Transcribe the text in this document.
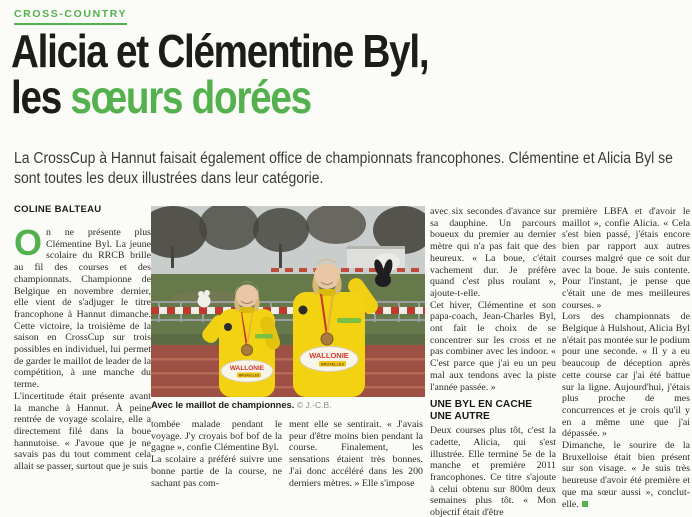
CROSS-COUNTRY
Alicia et Clémentine Byl,
les sœurs dorées

La CrossCup à Hannut faisait également office de championnats francophones. Clémentine et Alicia Byl se sont toutes les deux illustrées dans leur catégorie.

COLINE BALTEAU

On ne présente plus Clémentine Byl. La jeune scolaire du RRCB brille au fil des courses et des championnats. Championne de Belgique en novembre dernier, elle vient de s'adjuger le titre francophone à Hannut dimanche. Cette victoire, la troisième de la saison en CrossCup sur trois possibles en individuel, lui permet de garder le maillot de leader de la compétition, à une manche du terme.

L'incertitude était présente avant la manche à Hannut. À peine rentrée de voyage scolaire, elle a directement filé dans la boue hannutoise. « J'avoue que je ne savais pas du tout comment cela allait se passer, surtout que je suis

WALLONIE
BRUXELLES
WALLONIE
BRUXELLES
Avec le maillot de championnes. © J.-C.B.

tombée malade pendant le voyage. J'y croyais bof bof de la gagne », confie Clémentine Byl.

La scolaire a préféré suivre une bonne partie de la course, ne sachant pas com-

ment elle se sentirait. « J'avais peur d'être moins bien pendant la course. Finalement, les sensations étaient très bonnes. J'ai donc accéléré dans les 200 derniers mètres. » Elle s'impose

avec six secondes d'avance sur sa dauphine. Un parcours boueux du premier au dernier mètre qui n'a pas fait que des heureux. « La boue, c'était vachement dur. Je préfère quand c'est plus roulant », ajoute-t-elle.

Cet hiver, Clémentine et son papa-coach, Jean-Charles Byl, ont fait le choix de se concentrer sur les cross et ne pas combiner avec les indoor. « C'est parce que j'ai eu un peu mal aux tendons avec la piste l'année passée. »

UNE BYL EN CACHE UNE AUTRE

Deux courses plus tôt, c'est la cadette, Alicia, qui s'est illustrée. Elle termine 5e de la manche et première 2011 francophones. Ce titre s'ajoute à celui obtenu sur 800m deux semaines plus tôt. « Mon objectif était d'être

première LBFA et d'avoir le maillot », confie Alicia. « Cela s'est bien passé, j'étais encore bien par rapport aux autres courses malgré que ce soit dur avec la boue. Je suis contente. Pour l'instant, je pense que c'était une de mes meilleures courses. »

Lors des championnats de Belgique à Hulshout, Alicia Byl n'était pas montée sur le podium pour une seconde. « Il y a eu beaucoup de déception après cette course car j'ai été battue sur la ligne. Aujourd'hui, j'étais plus proche de mes concurrences et je crois qu'il y en a même une que j'ai dépassée. »

Dimanche, le sourire de la Bruxelloise était bien présent sur son visage. « Je suis très heureuse d'avoir été première et que ma sœur aussi », conclut-elle.
